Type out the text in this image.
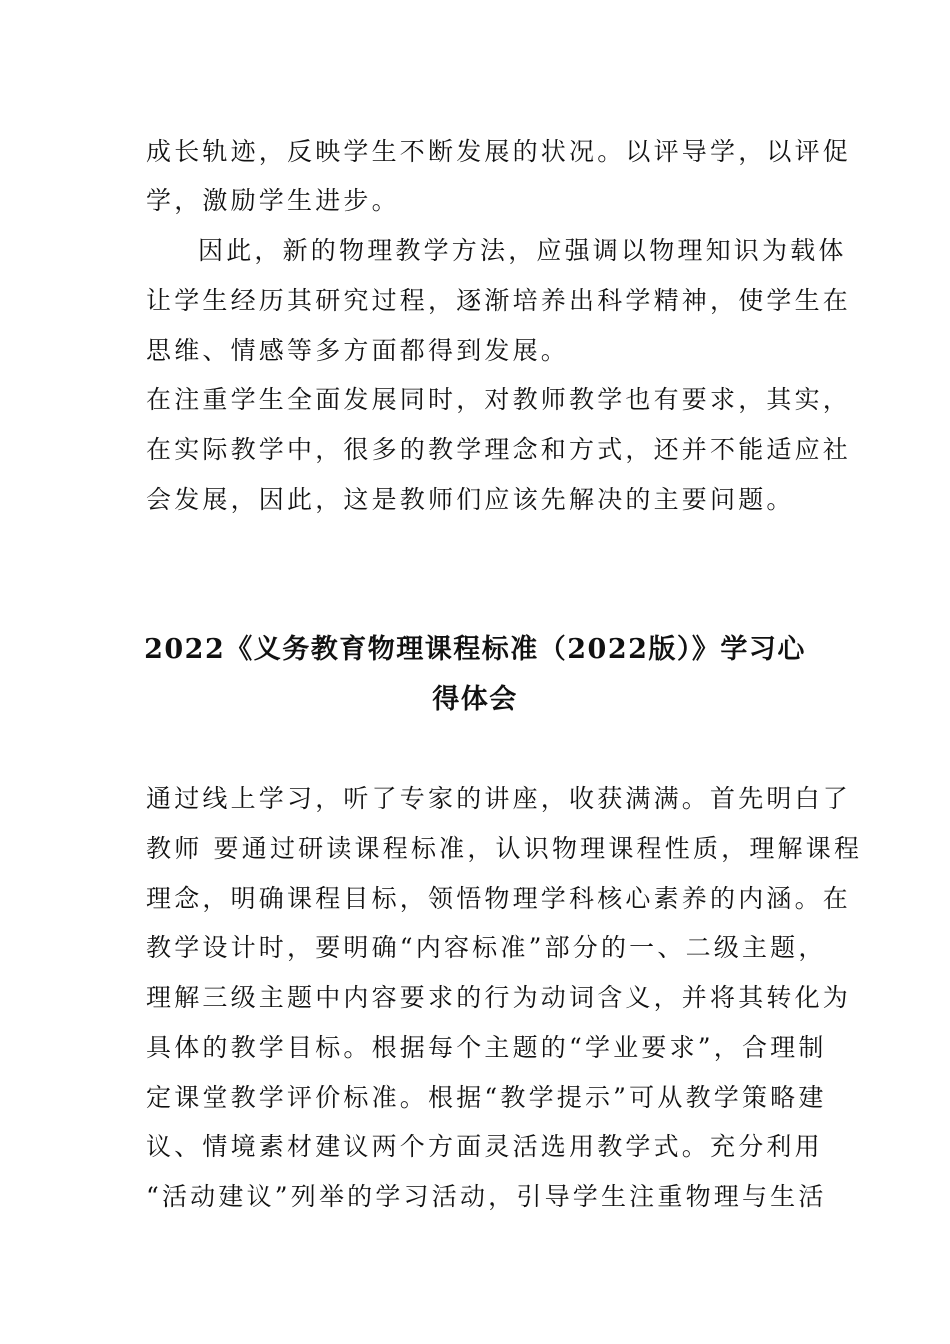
成长轨迹，反映学生不断发展的状况。以评导学，以评促
学，激励学生进步。
因此，新的物理教学方法，应强调以物理知识为载体
让学生经历其研究过程，逐渐培养出科学精神，使学生在
思维、情感等多方面都得到发展。
在注重学生全面发展同时，对教师教学也有要求，其实，
在实际教学中，很多的教学理念和方式，还并不能适应社
会发展，因此，这是教师们应该先解决的主要问题。
2022《义务教育物理课程标准（2022版）》学习心
得体会
通过线上学习，听了专家的讲座，收获满满。首先明白了
教师 要通过研读课程标准，认识物理课程性质，理解课程
理念，明确课程目标，领悟物理学科核心素养的内涵。在
教学设计时，要明确“内容标准”部分的一、二级主题，
理解三级主题中内容要求的行为动词含义，并将其转化为
具体的教学目标。根据每个主题的“学业要求”，合理制
定课堂教学评价标准。根据“教学提示”可从教学策略建
议、情境素材建议两个方面灵活选用教学式。充分利用
“活动建议”列举的学习活动，引导学生注重物理与生活
